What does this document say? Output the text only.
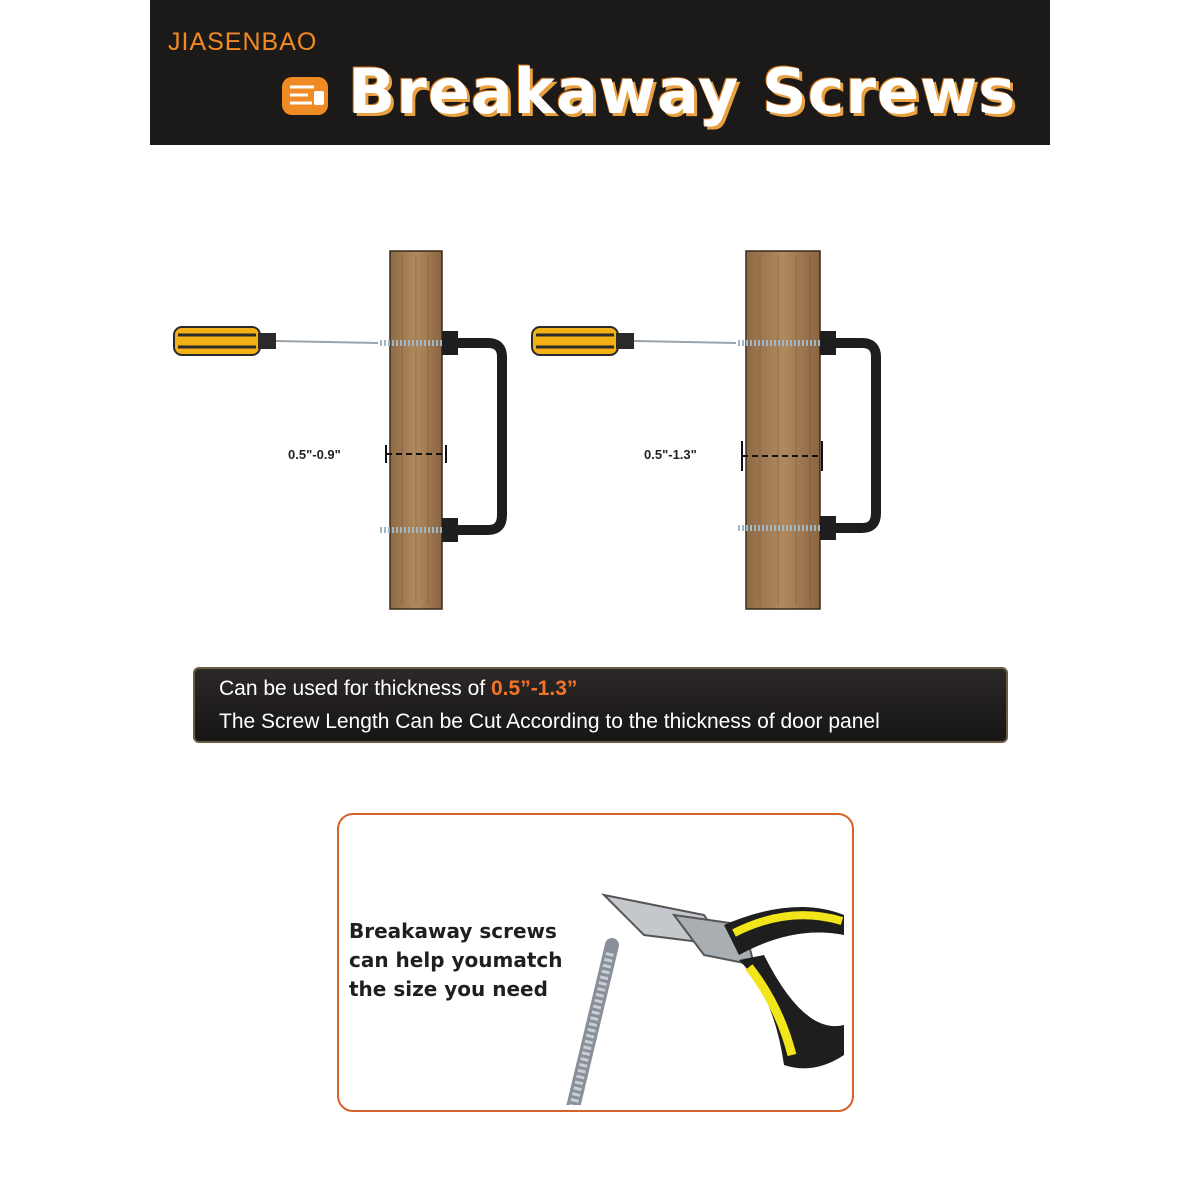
JIASENBAO
Breakaway Screws
0.5"-0.9"	0.5"-1.3"
Can be used for thickness of 0.5”-1.3”
The Screw Length Can be Cut According to the thickness of door panel
Breakaway screws
can help youmatch
the size you need
